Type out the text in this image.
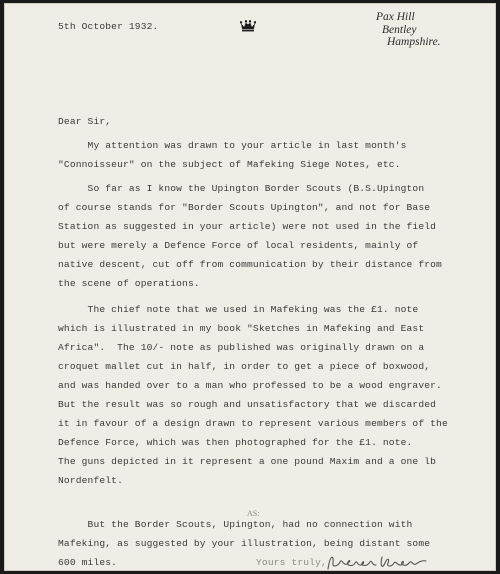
5th October 1932.
Pax Hill
Bentley
Hampshire.
Dear Sir,
My attention was drawn to your article in last month's
"Connoisseur" on the subject of Mafeking Siege Notes, etc.
So far as I know the Upington Border Scouts (B.S.Upington
of course stands for "Border Scouts Upington", and not for Base
Station as suggested in your article) were not used in the field
but were merely a Defence Force of local residents, mainly of
native descent, cut off from communication by their distance from
the scene of operations.
The chief note that we used in Mafeking was the £1. note
which is illustrated in my book "Sketches in Mafeking and East
Africa".  The 10/- note as published was originally drawn on a
croquet mallet cut in half, in order to get a piece of boxwood,
and was handed over to a man who professed to be a wood engraver.
But the result was so rough and unsatisfactory that we discarded
it in favour of a design drawn to represent various members of the
Defence Force, which was then photographed for the £1. note.
The guns depicted in it represent a one pound Maxim and a one lb
Nordenfelt.
But the Border Scouts, Upington, had no connection with
Mafeking, as suggested by your illustration, being distant some
600 miles.
AS:
Yours truly,
